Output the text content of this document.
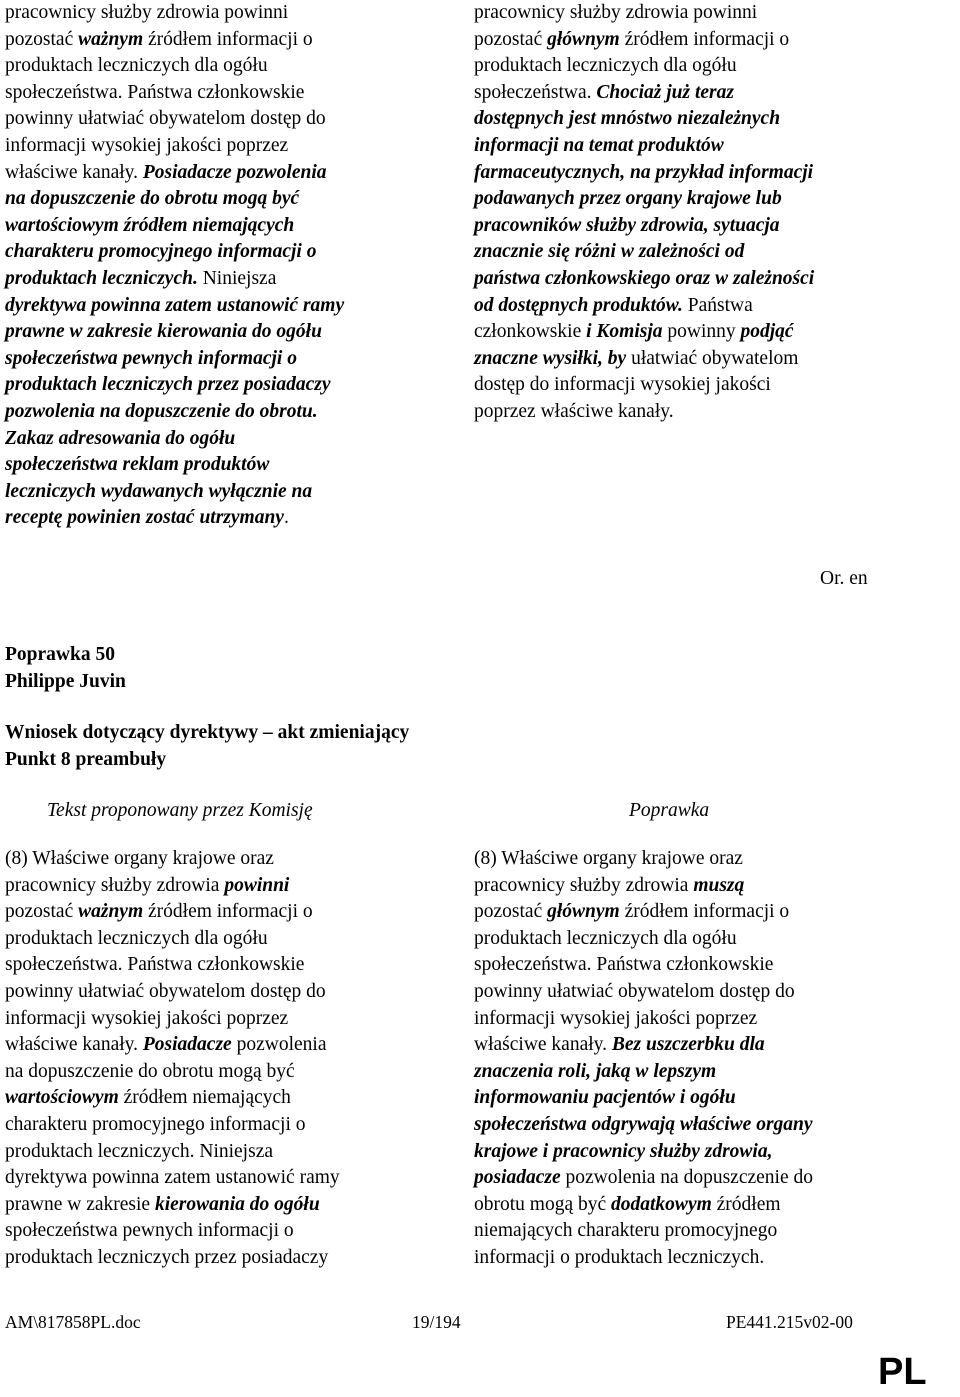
pracownicy służby zdrowia powinni

pozostać ważnym źródłem informacji o

produktach leczniczych dla ogółu

społeczeństwa. Państwa członkowskie

powinny ułatwiać obywatelom dostęp do

informacji wysokiej jakości poprzez

właściwe kanały. Posiadacze pozwolenia

na dopuszczenie do obrotu mogą być

wartościowym źródłem niemających

charakteru promocyjnego informacji o

produktach leczniczych. Niniejsza

dyrektywa powinna zatem ustanowić ramy

prawne w zakresie kierowania do ogółu

społeczeństwa pewnych informacji o

produktach leczniczych przez posiadaczy

pozwolenia na dopuszczenie do obrotu.

Zakaz adresowania do ogółu

społeczeństwa reklam produktów

leczniczych wydawanych wyłącznie na

receptę powinien zostać utrzymany.

pracownicy służby zdrowia powinni

pozostać głównym źródłem informacji o

produktach leczniczych dla ogółu

społeczeństwa. Chociaż już teraz

dostępnych jest mnóstwo niezależnych

informacji na temat produktów

farmaceutycznych, na przykład informacji

podawanych przez organy krajowe lub

pracowników służby zdrowia, sytuacja

znacznie się różni w zależności od

państwa członkowskiego oraz w zależności

od dostępnych produktów. Państwa

członkowskie i Komisja powinny podjąć

znaczne wysiłki, by ułatwiać obywatelom

dostęp do informacji wysokiej jakości

poprzez właściwe kanały.

Or. en

Poprawka 50

Philippe Juvin

Wniosek dotyczący dyrektywy – akt zmieniający

Punkt 8 preambuły

Tekst proponowany przez Komisję	Poprawka

(8) Właściwe organy krajowe oraz

pracownicy służby zdrowia powinni

pozostać ważnym źródłem informacji o

produktach leczniczych dla ogółu

społeczeństwa. Państwa członkowskie

powinny ułatwiać obywatelom dostęp do

informacji wysokiej jakości poprzez

właściwe kanały. Posiadacze pozwolenia

na dopuszczenie do obrotu mogą być

wartościowym źródłem niemających

charakteru promocyjnego informacji o

produktach leczniczych. Niniejsza

dyrektywa powinna zatem ustanowić ramy

prawne w zakresie kierowania do ogółu

społeczeństwa pewnych informacji o

produktach leczniczych przez posiadaczy

(8) Właściwe organy krajowe oraz

pracownicy służby zdrowia muszą

pozostać głównym źródłem informacji o

produktach leczniczych dla ogółu

społeczeństwa. Państwa członkowskie

powinny ułatwiać obywatelom dostęp do

informacji wysokiej jakości poprzez

właściwe kanały. Bez uszczerbku dla

znaczenia roli, jaką w lepszym

informowaniu pacjentów i ogółu

społeczeństwa odgrywają właściwe organy

krajowe i pracownicy służby zdrowia,

posiadacze pozwolenia na dopuszczenie do

obrotu mogą być dodatkowym źródłem

niemających charakteru promocyjnego

informacji o produktach leczniczych.

AM\817858PL.doc	19/194	PE441.215v02-00
PL
